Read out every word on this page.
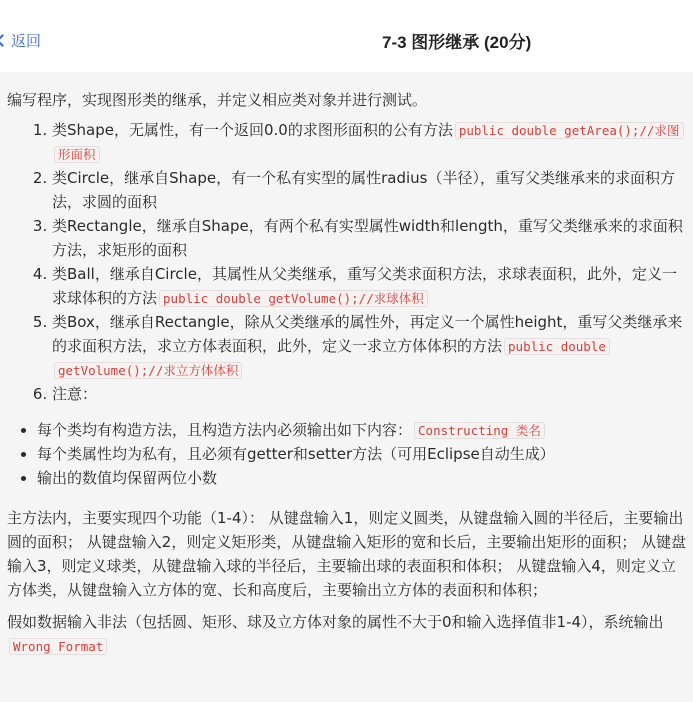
返回	7-3 图形继承 (20分)

编写程序，实现图形类的继承，并定义相应类对象并进行测试。

1. 类Shape，无属性，有一个返回0.0的求图形面积的公有方法 public double getArea();//求图形面积
2. 类Circle，继承自Shape，有一个私有实型的属性radius（半径），重写父类继承来的求面积方法，求圆的面积
3. 类Rectangle，继承自Shape，有两个私有实型属性width和length，重写父类继承来的求面积方法，求矩形的面积
4. 类Ball，继承自Circle，其属性从父类继承，重写父类求面积方法，求球表面积，此外，定义一求球体积的方法 public double getVolume();//求球体积
5. 类Box，继承自Rectangle，除从父类继承的属性外，再定义一个属性height，重写父类继承来的求面积方法，求立方体表面积，此外，定义一求立方体体积的方法 public double getVolume();//求立方体体积
6. 注意：
• 每个类均有构造方法，且构造方法内必须输出如下内容： Constructing 类名
• 每个类属性均为私有，且必须有getter和setter方法（可用Eclipse自动生成）
• 输出的数值均保留两位小数

主方法内，主要实现四个功能（1-4）： 从键盘输入1，则定义圆类，从键盘输入圆的半径后，主要输出圆的面积； 从键盘输入2，则定义矩形类，从键盘输入矩形的宽和长后，主要输出矩形的面积； 从键盘输入3，则定义球类，从键盘输入球的半径后，主要输出球的表面积和体积； 从键盘输入4，则定义立方体类，从键盘输入立方体的宽、长和高度后，主要输出立方体的表面积和体积；

假如数据输入非法（包括圆、矩形、球及立方体对象的属性不大于0和输入选择值非1-4），系统输出Wrong Format
